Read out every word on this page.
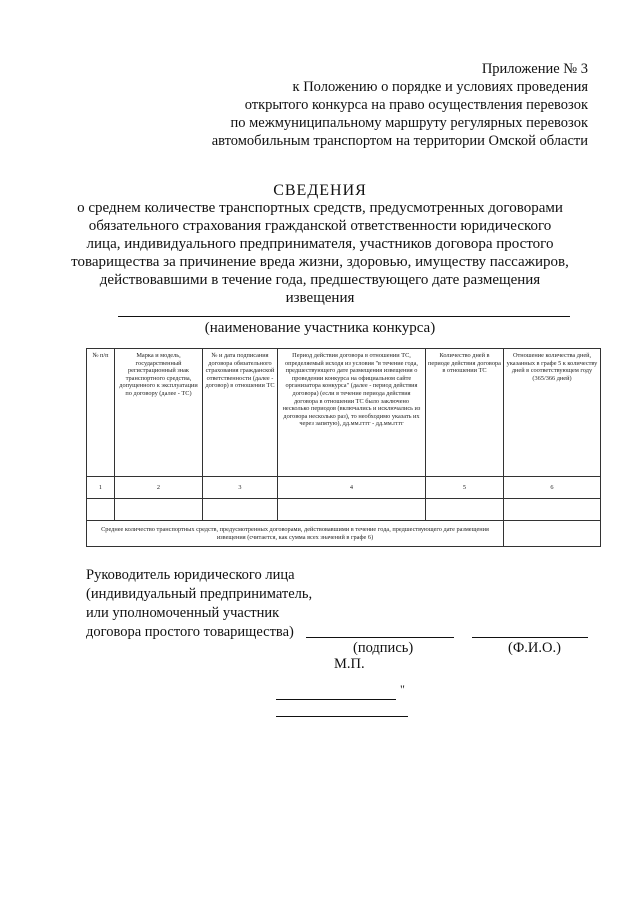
Приложение № 3
к Положению о порядке и условиях проведения
открытого конкурса на право осуществления перевозок
по межмуниципальному маршруту регулярных перевозок
автомобильным транспортом на территории Омской области
СВЕДЕНИЯ
о среднем количестве транспортных средств, предусмотренных договорами
обязательного страхования гражданской ответственности юридического
лица, индивидуального предпринимателя, участников договора простого
товарищества за причинение вреда жизни, здоровью, имуществу пассажиров,
действовавшими в течение года, предшествующего дате размещения
извещения
(наименование участника конкурса)
№ п/п	Марка и модель, государственный регистрационный знак транспортного средства, допущенного к эксплуатации по договору (далее - ТС)	№ и дата подписания договора обязательного страхования гражданской ответственности (далее - договор) в отношении ТС	Период действия договора в отношении ТС, определяемый исходя из условия "в течение года, предшествующего дате размещения извещения о проведении конкурса на официальном сайте организатора конкурса" (далее - период действия договора) (если в течение периода действия договора в отношении ТС было заключено несколько периодов (включались и исключались из договора несколько раз), то необходимо указать их через запятую), дд.мм.гггг - дд.мм.гггг	Количество дней в периоде действия договора в отношении ТС	Отношение количества дней, указанных в графе 5 к количеству дней в соответствующем году (365/366 дней)
1	2	3	4	5	6

Среднее количество транспортных средств, предусмотренных договорами, действовавшими в течение года, предшествующего дате размещения извещения (считается, как сумма всех значений в графе 6)					
Руководитель юридического лица
(индивидуальный предприниматель,
или уполномоченный участник
договора простого товарищества)
(подпись)	(Ф.И.О.)
М.П.
"
